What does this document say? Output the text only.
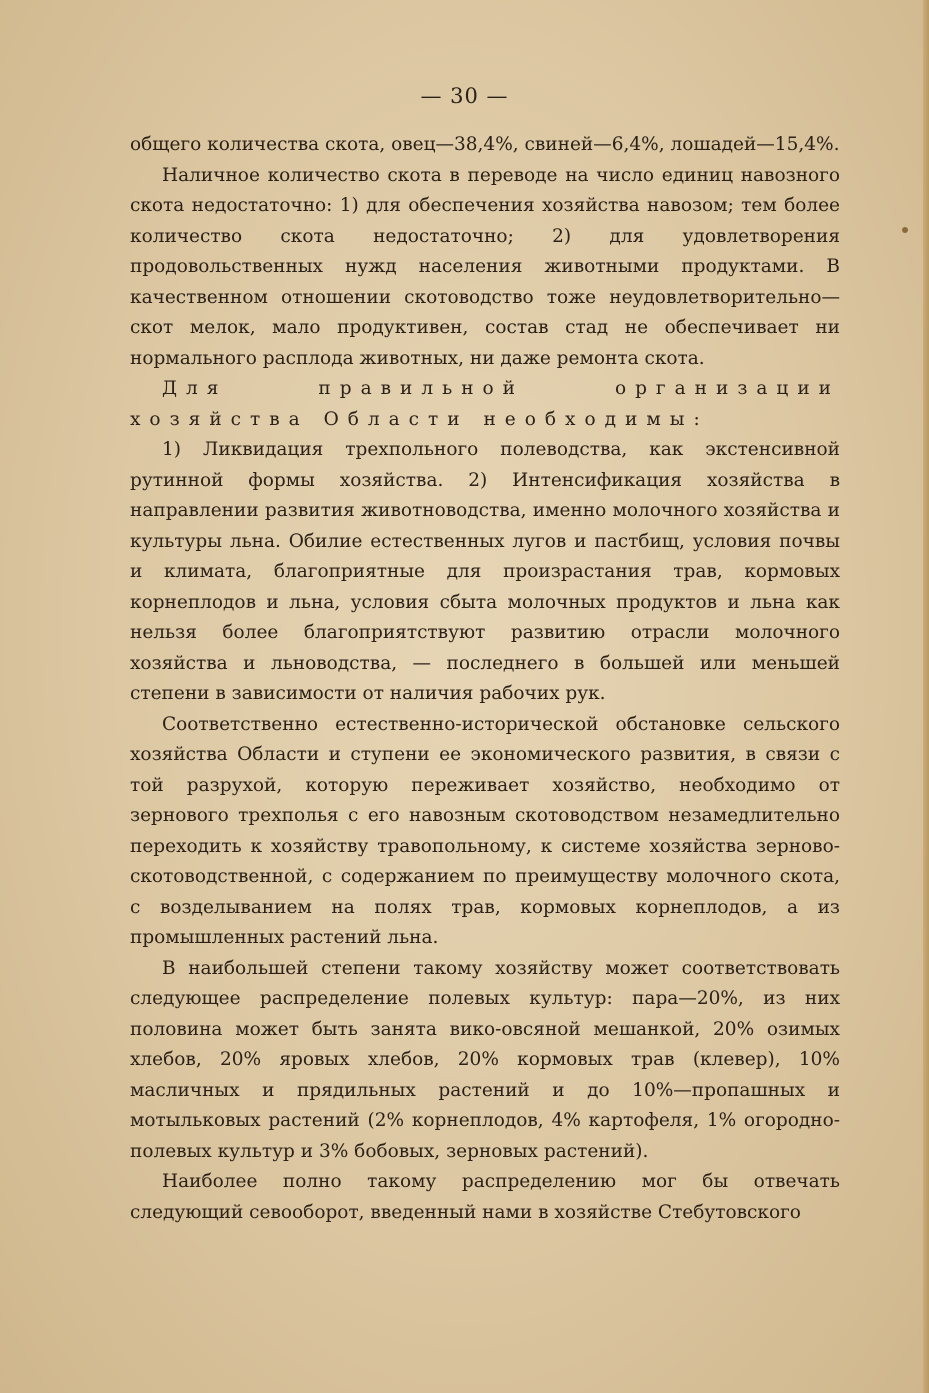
— 30 —

общего количества скота, овец—38,4%, свиней—6,4%, лошадей—15,4%.

Наличное количество скота в переводе на число единиц навозного скота недостаточно: 1) для обеспечения хозяйства навозом; тем более количество скота недостаточно; 2) для удовлетворения продовольственных нужд населения животными продуктами. В качественном отношении скотоводство тоже неудовлетворительно—скот мелок, мало продуктивен, состав стад не обеспечивает ни нормального расплода животных, ни даже ремонта скота.

Для правильной организации хозяйства Области необходимы:

1) Ликвидация трехпольного полеводства, как экстенсивной рутинной формы хозяйства. 2) Интенсификация хозяйства в направлении развития животноводства, именно молочного хозяйства и культуры льна. Обилие естественных лугов и пастбищ, условия почвы и климата, благоприятные для произрастания трав, кормовых корнеплодов и льна, условия сбыта молочных продуктов и льна как нельзя более благоприятствуют развитию отрасли молочного хозяйства и льноводства, — последнего в большей или меньшей степени в зависимости от наличия рабочих рук.

Соответственно естественно-исторической обстановке сельского хозяйства Области и ступени ее экономического развития, в связи с той разрухой, которую переживает хозяйство, необходимо от зернового трехполья с его навозным скотоводством незамедлительно переходить к хозяйству травопольному, к системе хозяйства зерново-скотоводственной, с содержанием по преимуществу молочного скота, с возделыванием на полях трав, кормовых корнеплодов, а из промышленных растений льна.

В наибольшей степени такому хозяйству может соответствовать следующее распределение полевых культур: пара—20%, из них половина может быть занята вико-овсяной мешанкой, 20% озимых хлебов, 20% яровых хлебов, 20% кормовых трав (клевер), 10% масличных и прядильных растений и до 10%—пропашных и мотыльковых растений (2% корнеплодов, 4% картофеля, 1% огородно-полевых культур и 3% бобовых, зерновых растений).

Наиболее полно такому распределению мог бы отвечать следующий севооборот, введенный нами в хозяйстве Стебутовского
